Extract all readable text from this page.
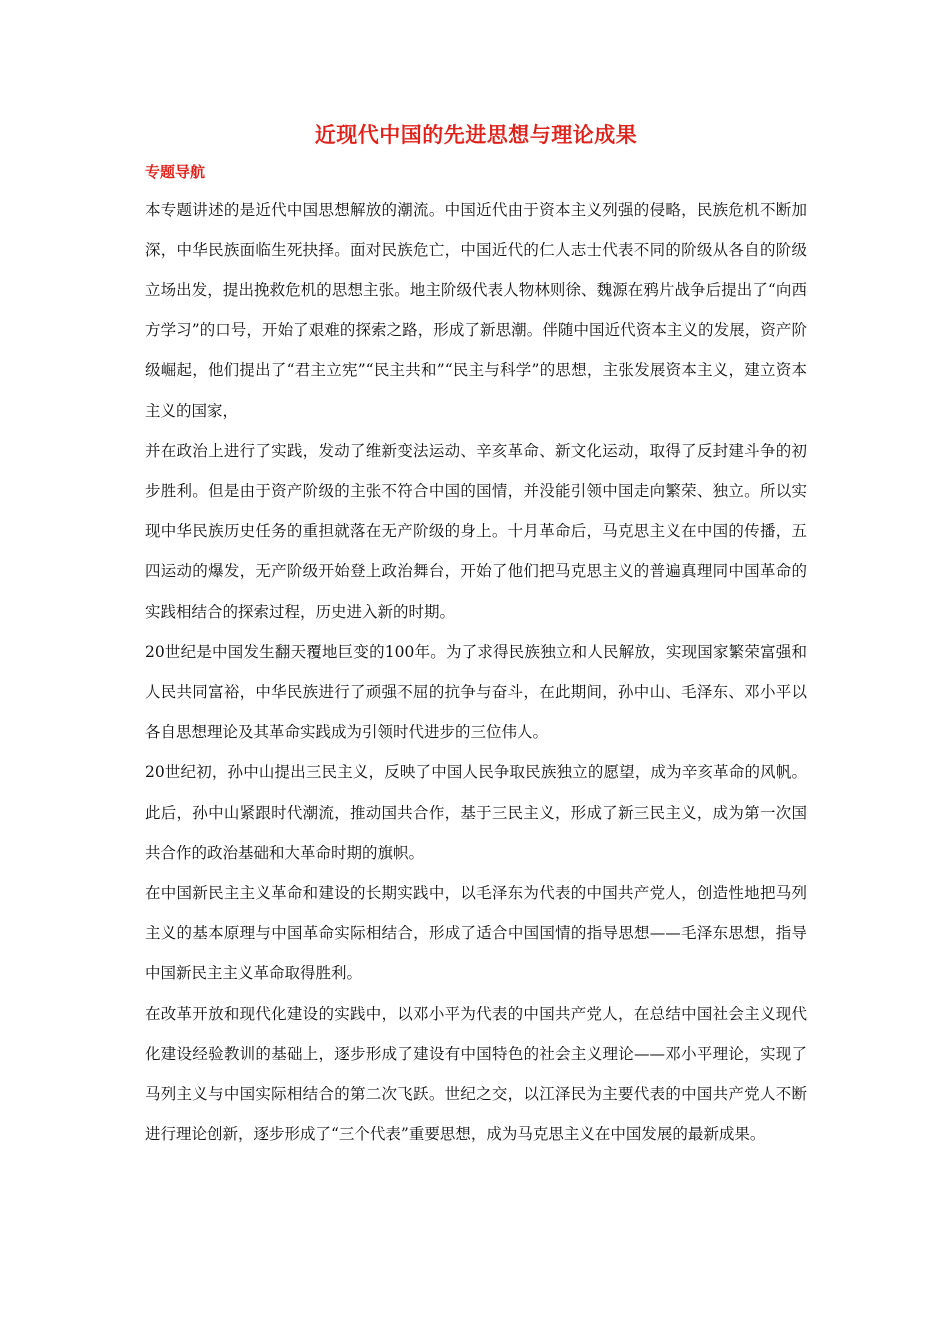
近现代中国的先进思想与理论成果
专题导航

本专题讲述的是近代中国思想解放的潮流。中国近代由于资本主义列强的侵略，民族危机不断加深，中华民族面临生死抉择。面对民族危亡，中国近代的仁人志士代表不同的阶级从各自的阶级立场出发，提出挽救危机的思想主张。地主阶级代表人物林则徐、魏源在鸦片战争后提出了“向西方学习”的口号，开始了艰难的探索之路，形成了新思潮。伴随中国近代资本主义的发展，资产阶级崛起，他们提出了“君主立宪”“民主共和”“民主与科学”的思想，主张发展资本主义，建立资本主义的国家，

并在政治上进行了实践，发动了维新变法运动、辛亥革命、新文化运动，取得了反封建斗争的初步胜利。但是由于资产阶级的主张不符合中国的国情，并没能引领中国走向繁荣、独立。所以实现中华民族历史任务的重担就落在无产阶级的身上。十月革命后，马克思主义在中国的传播，五四运动的爆发，无产阶级开始登上政治舞台，开始了他们把马克思主义的普遍真理同中国革命的实践相结合的探索过程，历史进入新的时期。

20世纪是中国发生翻天覆地巨变的100年。为了求得民族独立和人民解放，实现国家繁荣富强和人民共同富裕，中华民族进行了顽强不屈的抗争与奋斗，在此期间，孙中山、毛泽东、邓小平以各自思想理论及其革命实践成为引领时代进步的三位伟人。

20世纪初，孙中山提出三民主义，反映了中国人民争取民族独立的愿望，成为辛亥革命的风帆。此后，孙中山紧跟时代潮流，推动国共合作，基于三民主义，形成了新三民主义，成为第一次国共合作的政治基础和大革命时期的旗帜。

在中国新民主主义革命和建设的长期实践中，以毛泽东为代表的中国共产党人，创造性地把马列主义的基本原理与中国革命实际相结合，形成了适合中国国情的指导思想——毛泽东思想，指导中国新民主主义革命取得胜利。

在改革开放和现代化建设的实践中，以邓小平为代表的中国共产党人，在总结中国社会主义现代化建设经验教训的基础上，逐步形成了建设有中国特色的社会主义理论——邓小平理论，实现了马列主义与中国实际相结合的第二次飞跃。世纪之交，以江泽民为主要代表的中国共产党人不断进行理论创新，逐步形成了“三个代表”重要思想，成为马克思主义在中国发展的最新成果。
